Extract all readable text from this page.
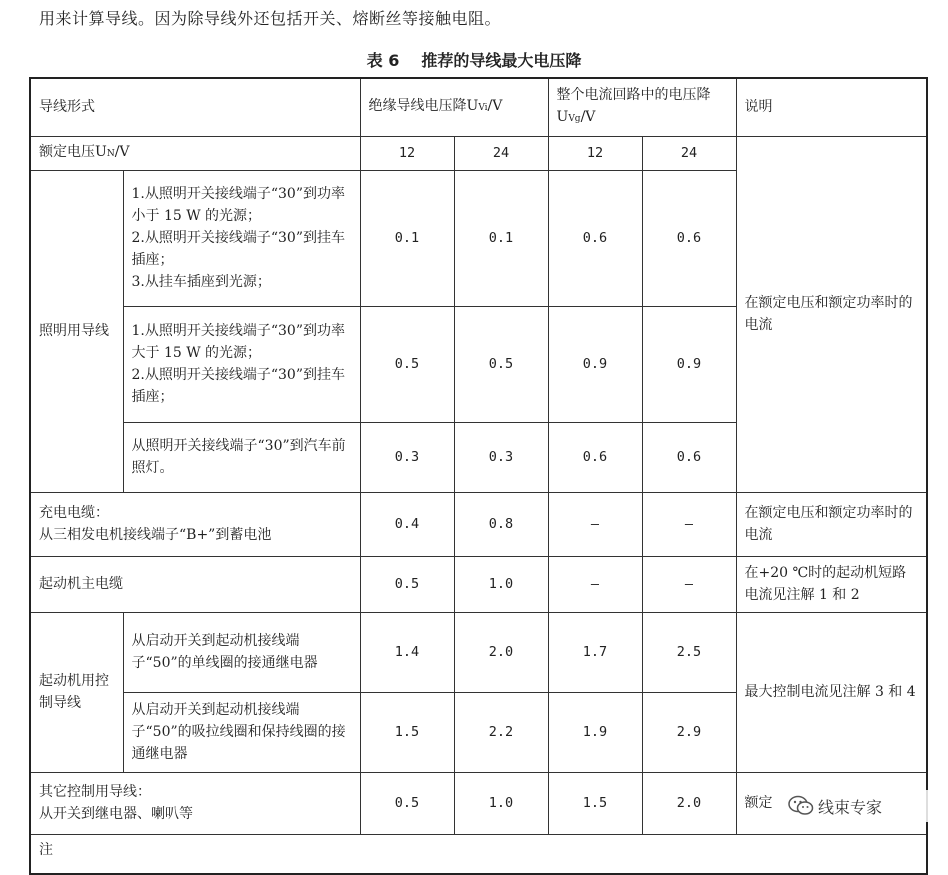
用来计算导线。因为除导线外还包括开关、熔断丝等接触电阻。
表 6 推荐的导线最大电压降
导线形式		绝缘导线电压降UVi/V		整个电流回路中的电压降UVg/V		说明
额定电压UN/V		12	24	12	24	在额定电压和额定功率时的电流
照明用导线	1.从照明开关接线端子“30”到功率小于 15 W 的光源；
2.从照明开关接线端子“30”到挂车插座；
3.从挂车插座到光源；	0.1	0.1	0.6	0.6	

	1.从照明开关接线端子“30”到功率大于 15 W 的光源；
2.从照明开关接线端子“30”到挂车插座；	0.5	0.5	0.9	0.9	
	从照明开关接线端子“30”到汽车前照灯。	0.3	0.3	0.6	0.6	

充电电缆：
从三相发电机接线端子“B+”到蓄电池		0.4	0.8	—	—	在额定电压和额定功率时的电流
起动机主电缆		0.5	1.0	—	—	在+20 ℃时的起动机短路电流见注解 1 和 2
起动机用控制导线	从启动开关到起动机接线端子“50”的单线圈的接通继电器	1.4	2.0	1.7	2.5	最大控制电流见注解 3 和 4
	从启动开关到起动机接线端子“50”的吸拉线圈和保持线圈的接通继电器	1.5	2.2	1.9	2.9	

其它控制用导线：
从开关到继电器、喇叭等		0.5	1.0	1.5	2.0	额定
注						
线束专家
